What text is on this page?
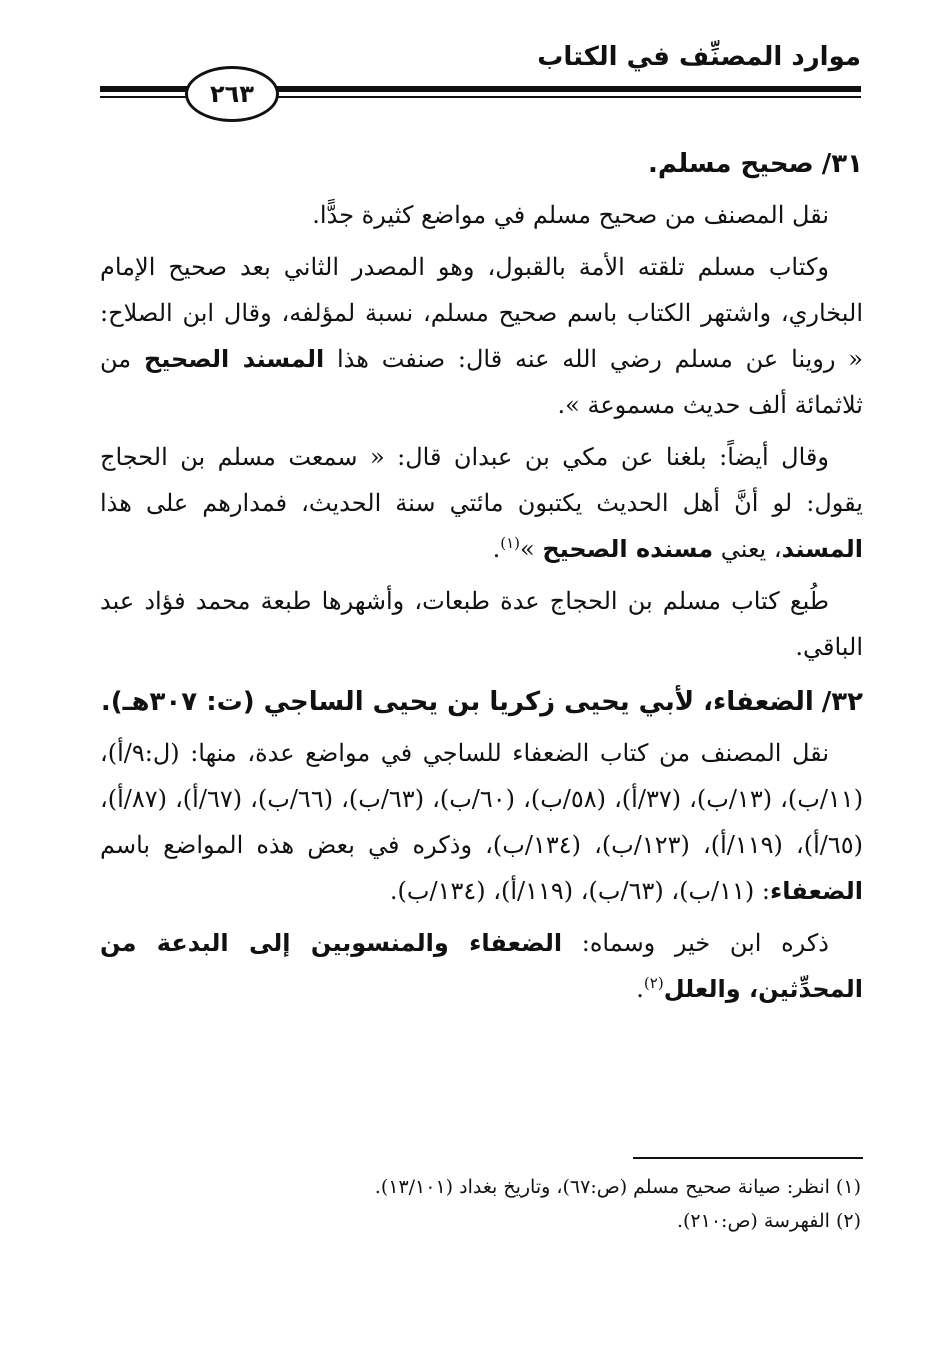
موارد المصنِّف في الكتاب
٢٦٣
٣١/صحيح مسلم.

نقل المصنف من صحيح مسلم في مواضع كثيرة جدًّا.

وكتاب مسلم تلقته الأمة بالقبول، وهو المصدر الثاني بعد صحيح الإمام البخاري، واشتهر الكتاب باسم صحيح مسلم، نسبة لمؤلفه، وقال ابن الصلاح: « روينا عن مسلم رضي الله عنه قال: صنفت هذا المسند الصحيح من ثلاثمائة ألف حديث مسموعة ».

وقال أيضاً: بلغنا عن مكي بن عبدان قال: « سمعت مسلم بن الحجاج يقول: لو أنَّ أهل الحديث يكتبون مائتي سنة الحديث، فمدارهم على هذا المسند، يعني مسنده الصحيح »$^{(١)}$.

طُبع كتاب مسلم بن الحجاج عدة طبعات، وأشهرها طبعة محمد فؤاد عبد الباقي.

٣٢/الضعفاء، لأبي يحيى زكريا بن يحيى الساجي (ت: ٣٠٧هـ).

نقل المصنف من كتاب الضعفاء للساجي في مواضع عدة، منها: (ل:٩/أ)، (١١/ب)، (١٣/ب)، (٣٧/أ)، (٥٨/ب)، (٦٠/ب)، (٦٣/ب)، (٦٦/ب)، (٦٧/أ)، (٨٧/أ)، (٦٥/أ)، (١١٩/أ)، (١٢٣/ب)، (١٣٤/ب)، وذكره في بعض هذه المواضع باسم الضعفاء: (١١/ب)، (٦٣/ب)، (١١٩/أ)، (١٣٤/ب).

ذكره ابن خير وسماه: الضعفاء والمنسوبين إلى البدعة من المحدِّثين، والعلل$^{(٢)}$.

(١) انظر: صيانة صحيح مسلم (ص:٦٧)، وتاريخ بغداد (١٣/١٠١).

(٢) الفهرسة (ص:٢١٠).
